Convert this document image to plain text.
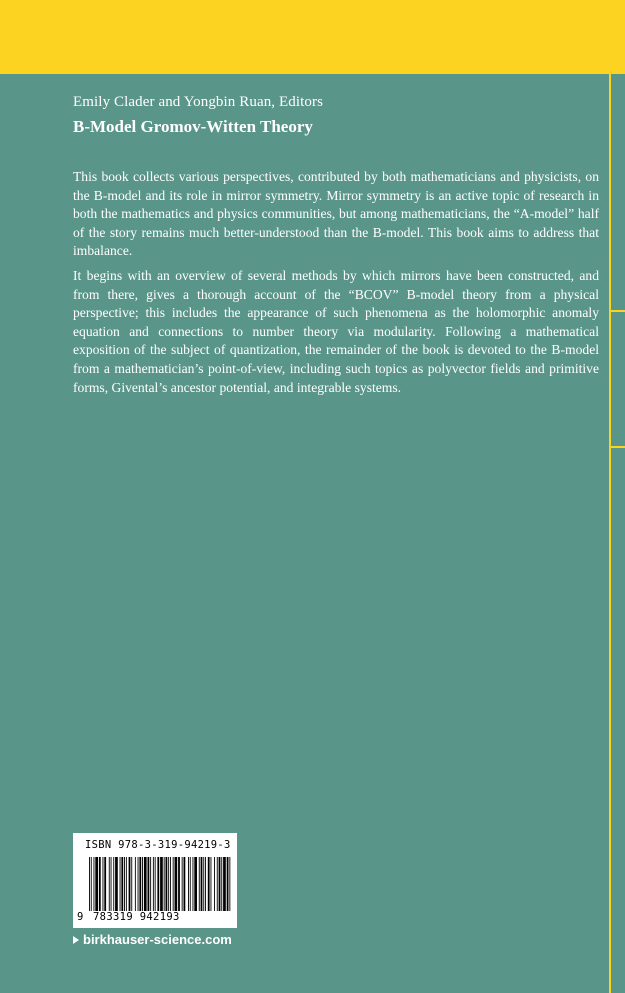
Emily Clader and Yongbin Ruan, Editors
B-Model Gromov-Witten Theory
This book collects various perspectives, contributed by both mathematicians and physicists, on the B-model and its role in mirror symmetry. Mirror symmetry is an active topic of research in both the mathematics and physics communities, but among mathematicians, the “A-model” half of the story remains much better-understood than the B-model. This book aims to address that imbalance.
It begins with an overview of several methods by which mirrors have been constructed, and from there, gives a thorough account of the “BCOV” B-model theory from a physical perspective; this includes the appearance of such phenomena as the holomorphic anomaly equation and connections to number theory via modularity. Following a mathematical exposition of the subject of quantization, the remainder of the book is devoted to the B-model from a mathematician’s point-of-view, including such topics as polyvector fields and primitive forms, Givental’s ancestor potential, and integrable systems.
ISBN 978-3-319-94219-3
9 783319 942193
birkhauser-science.com
